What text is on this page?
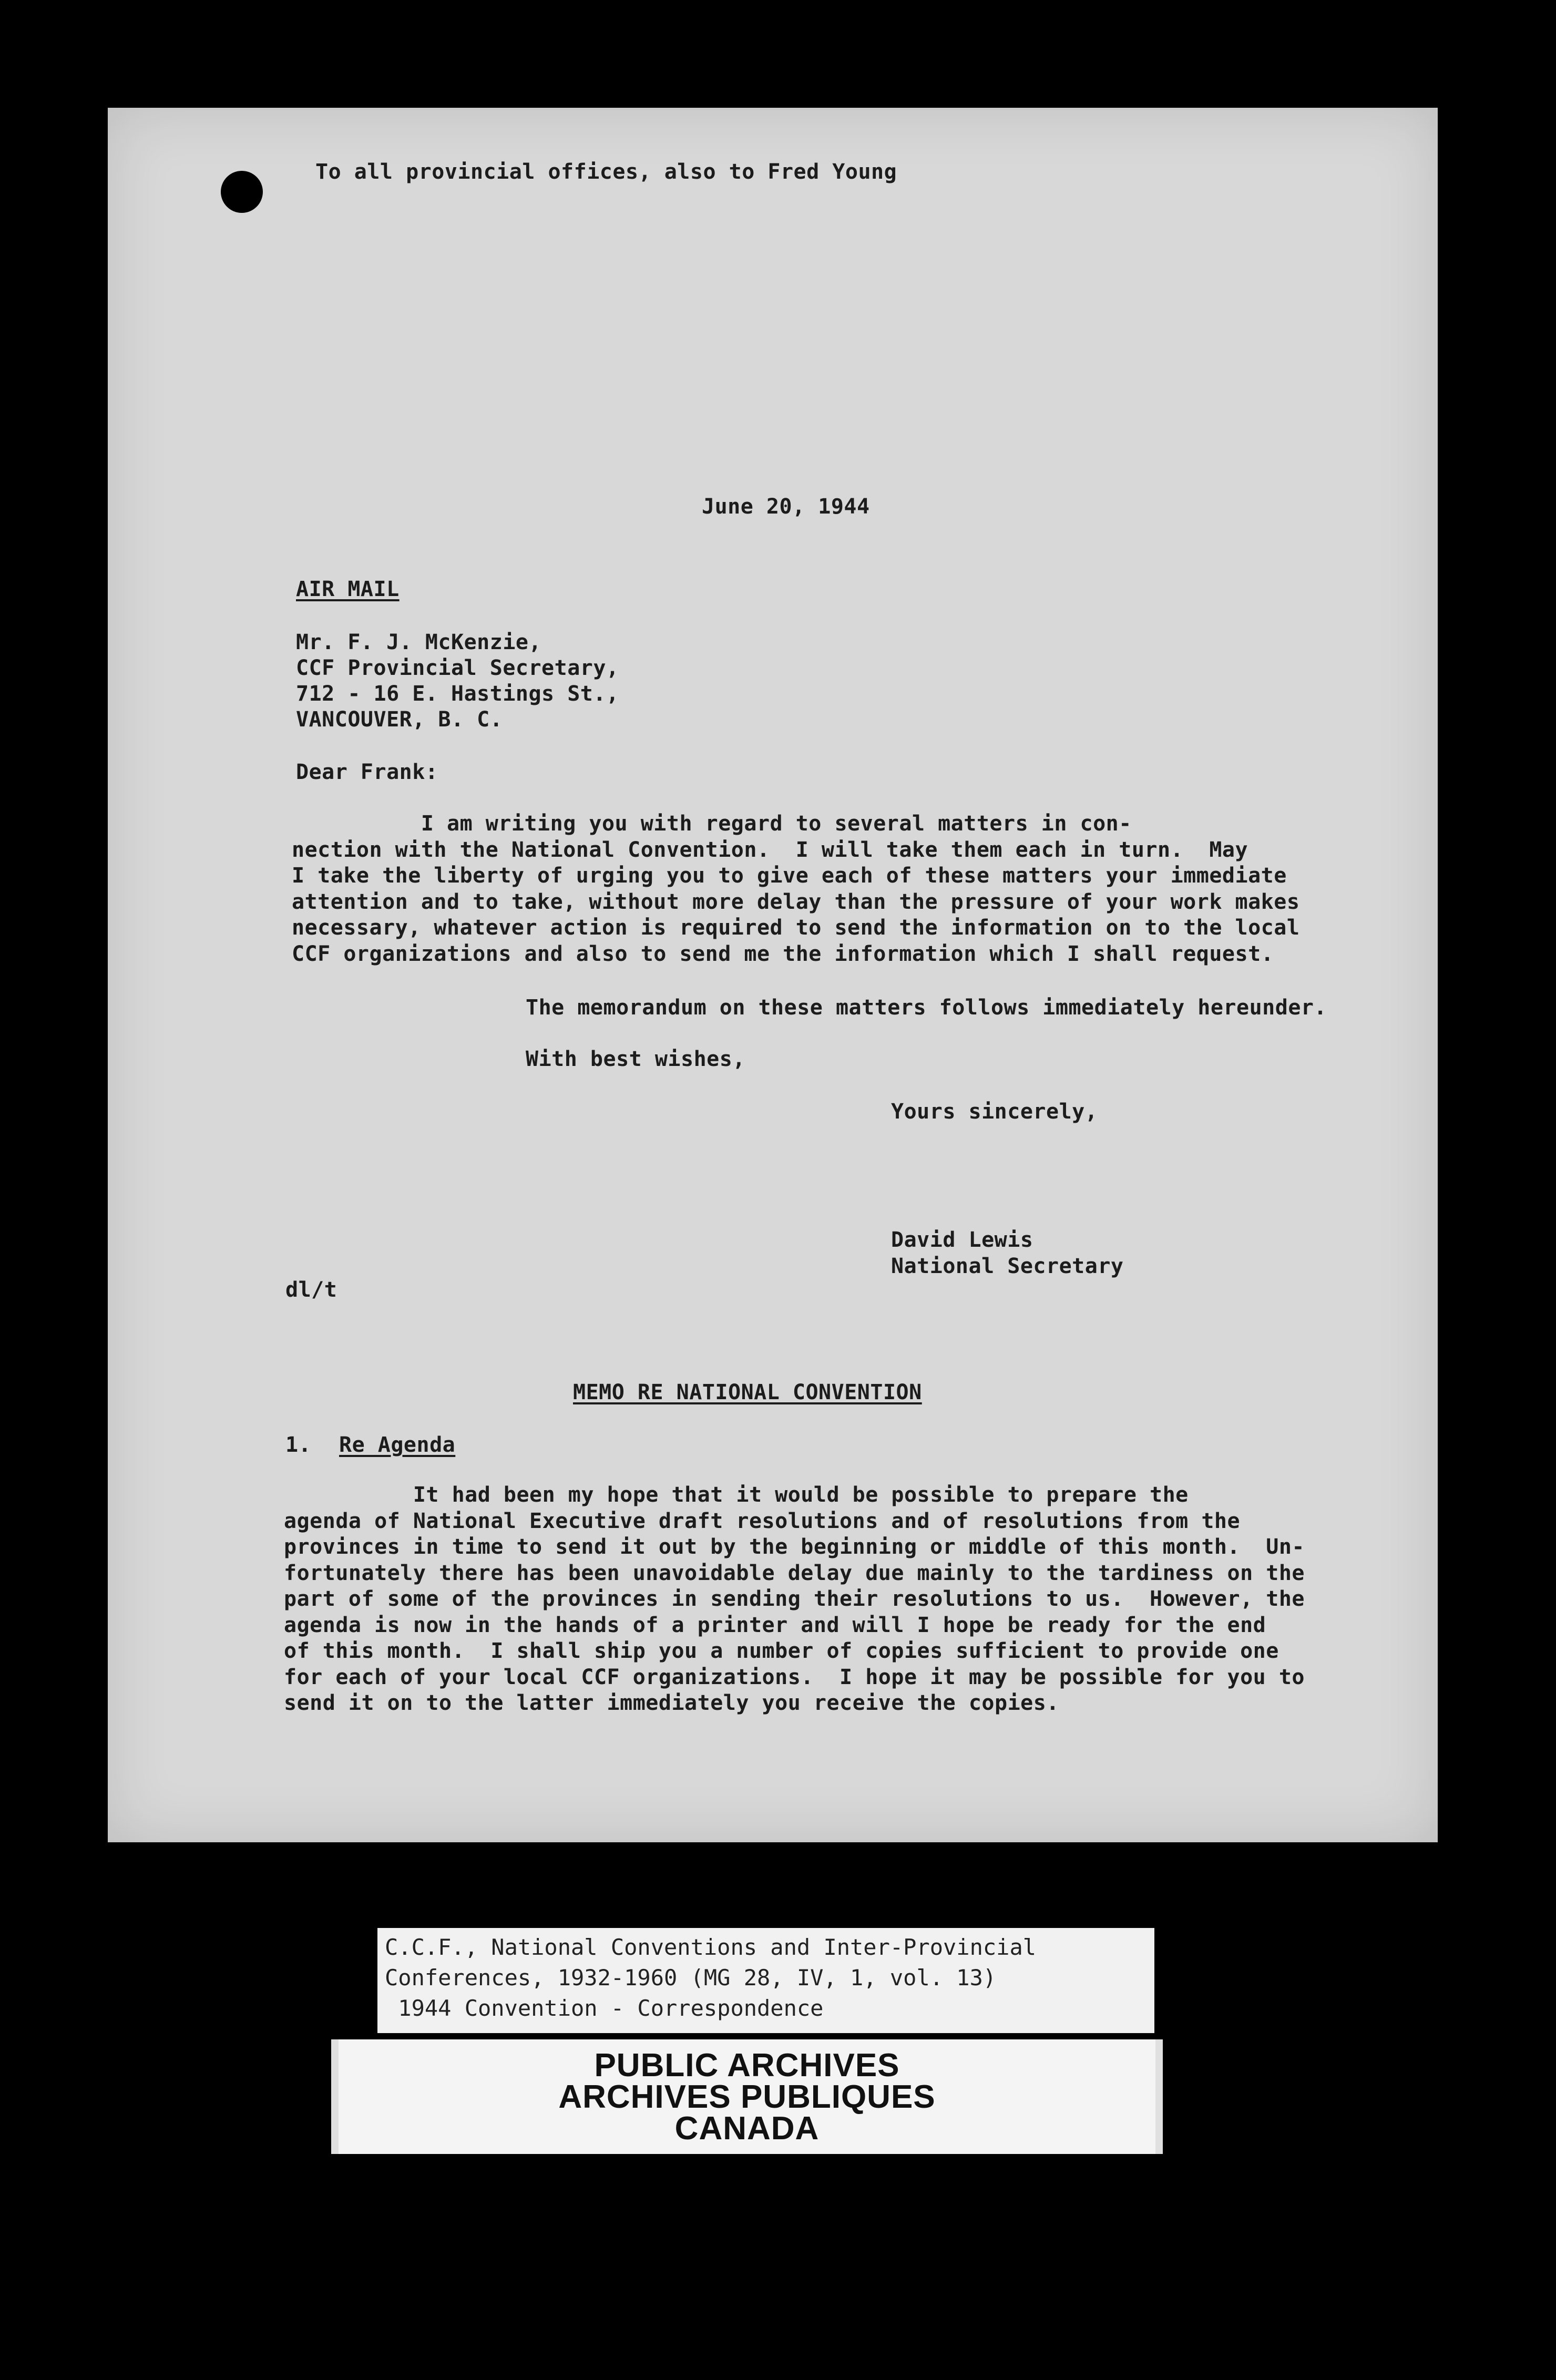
To all provincial offices, also to Fred Young
June 20, 1944
AIR MAIL
Mr. F. J. McKenzie,
CCF Provincial Secretary,
712 - 16 E. Hastings St.,
VANCOUVER, B. C.
Dear Frank:
I am writing you with regard to several matters in con-
nection with the National Convention.  I will take them each in turn.  May
I take the liberty of urging you to give each of these matters your immediate
attention and to take, without more delay than the pressure of your work makes
necessary, whatever action is required to send the information on to the local
CCF organizations and also to send me the information which I shall request.
The memorandum on these matters follows immediately hereunder.
With best wishes,
Yours sincerely,
David Lewis
National Secretary
dl/t
MEMO RE NATIONAL CONVENTION
1. Re Agenda
It had been my hope that it would be possible to prepare the
agenda of National Executive draft resolutions and of resolutions from the
provinces in time to send it out by the beginning or middle of this month.  Un-
fortunately there has been unavoidable delay due mainly to the tardiness on the
part of some of the provinces in sending their resolutions to us.  However, the
agenda is now in the hands of a printer and will I hope be ready for the end
of this month.  I shall ship you a number of copies sufficient to provide one
for each of your local CCF organizations.  I hope it may be possible for you to
send it on to the latter immediately you receive the copies.
C.C.F., National Conventions and Inter-Provincial
Conferences, 1932-1960 (MG 28, IV, 1, vol. 13)
1944 Convention - Correspondence
PUBLIC ARCHIVES
ARCHIVES PUBLIQUES
CANADA
